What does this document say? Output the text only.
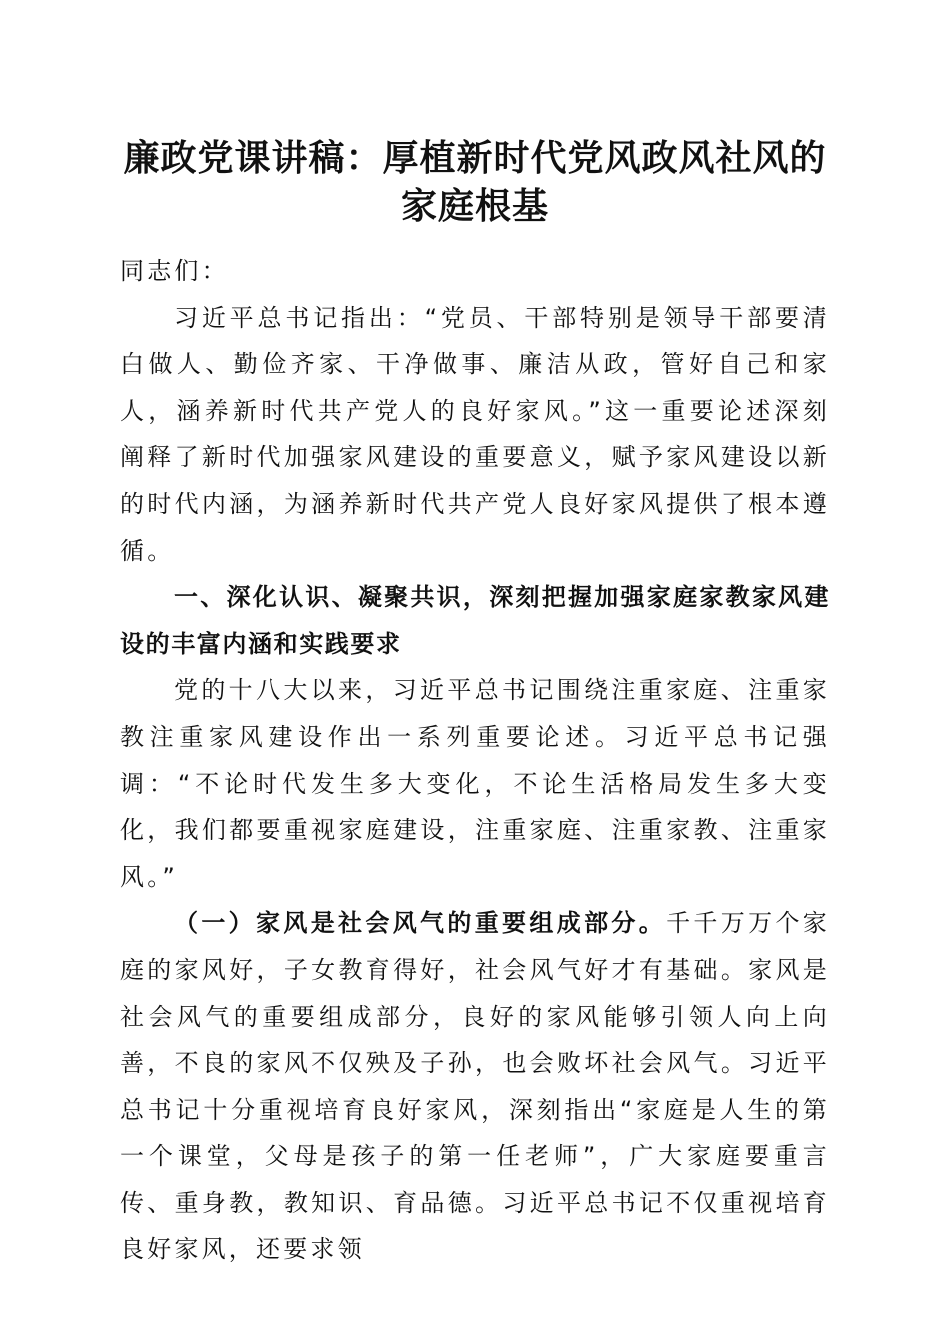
廉政党课讲稿：厚植新时代党风政风社风的家庭根基

同志们：

习近平总书记指出：“党员、干部特别是领导干部要清白做人、勤俭齐家、干净做事、廉洁从政，管好自己和家人，涵养新时代共产党人的良好家风。”这一重要论述深刻阐释了新时代加强家风建设的重要意义，赋予家风建设以新的时代内涵，为涵养新时代共产党人良好家风提供了根本遵循。

一、深化认识、凝聚共识，深刻把握加强家庭家教家风建设的丰富内涵和实践要求

党的十八大以来，习近平总书记围绕注重家庭、注重家教注重家风建设作出一系列重要论述。习近平总书记强调：“不论时代发生多大变化，不论生活格局发生多大变化，我们都要重视家庭建设，注重家庭、注重家教、注重家风。”

（一）家风是社会风气的重要组成部分。千千万万个家庭的家风好，子女教育得好，社会风气好才有基础。家风是社会风气的重要组成部分，良好的家风能够引领人向上向善，不良的家风不仅殃及子孙，也会败坏社会风气。习近平总书记十分重视培育良好家风，深刻指出“家庭是人生的第一个课堂，父母是孩子的第一任老师”，广大家庭要重言传、重身教，教知识、育品德。习近平总书记不仅重视培育良好家风，还要求领
